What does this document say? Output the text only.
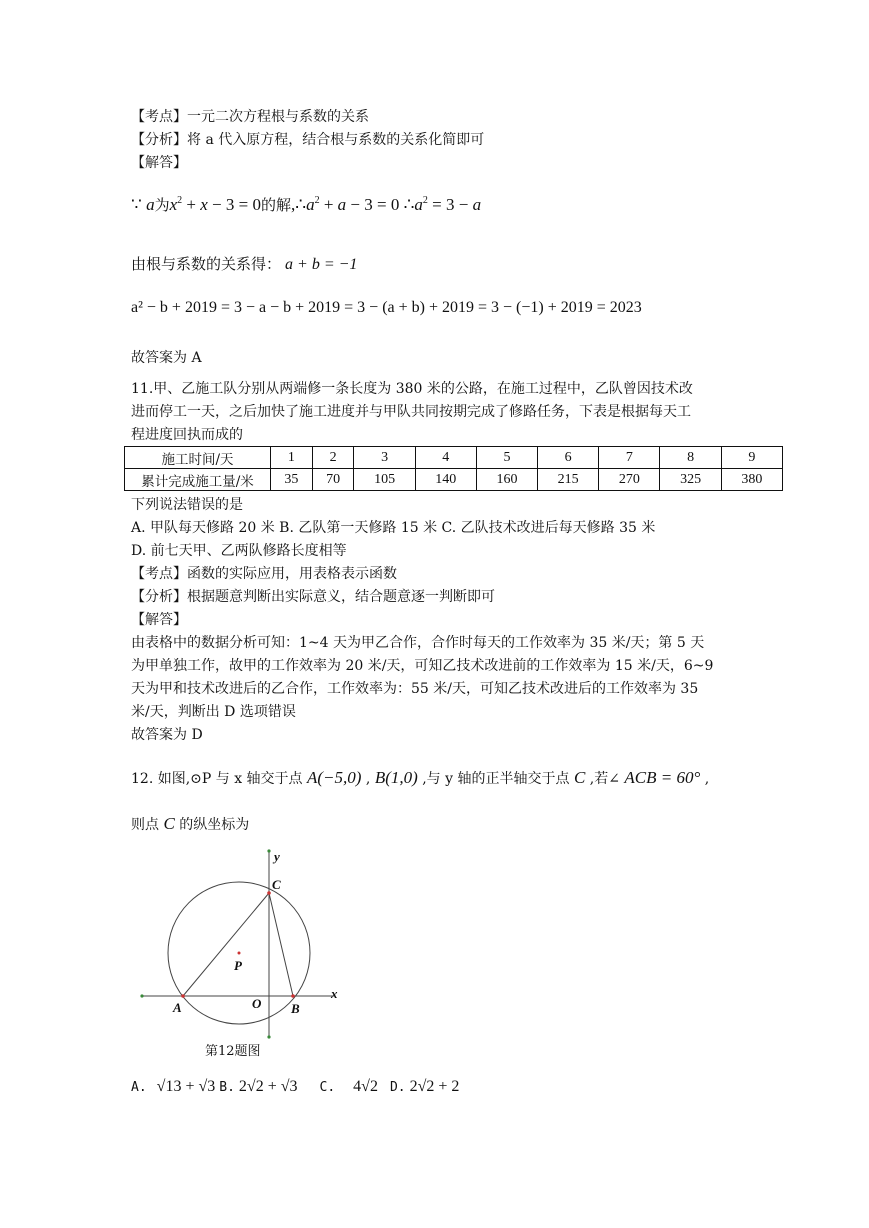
【考点】一元二次方程根与系数的关系
【分析】将 a 代入原方程，结合根与系数的关系化简即可
【解答】
∵ a为$x^2 + x - 3 = 0$的解$,\therefore a^2 + a - 3 = 0$ $\therefore a^2 = 3 - a$
由根与系数的关系得： a + b = −1
a² − b + 2019 = 3 − a − b + 2019 = 3 − (a + b) + 2019 = 3 − (−1) + 2019 = 2023
故答案为 A
11.甲、乙施工队分别从两端修一条长度为 380 米的公路，在施工过程中，乙队曾因技术改
进而停工一天，之后加快了施工进度并与甲队共同按期完成了修路任务，下表是根据每天工
程进度回执而成的
施工时间/天	1	2	3	4	5	6	7	8	9
累计完成施工量/米	35	70	105	140	160	215	270	325	380
下列说法错误的是
A. 甲队每天修路 20 米 B. 乙队第一天修路 15 米 C. 乙队技术改进后每天修路 35 米
D. 前七天甲、乙两队修路长度相等
【考点】函数的实际应用，用表格表示函数
【分析】根据题意判断出实际意义，结合题意逐一判断即可
【解答】
由表格中的数据分析可知：1~4 天为甲乙合作，合作时每天的工作效率为 35 米/天；第 5 天
为甲单独工作，故甲的工作效率为 20 米/天，可知乙技术改进前的工作效率为 15 米/天，6~9
天为甲和技术改进后的乙合作，工作效率为：55 米/天，可知乙技术改进后的工作效率为 35
米/天，判断出 D 选项错误
故答案为 D
12. 如图,⊙P 与 x 轴交于点 A(−5,0) , B(1,0) ,与 y 轴的正半轴交于点 C ,若∠ ACB = 60° ,
则点 C 的纵坐标为
y
x
C
P
A	O B
第12题图
A. √13 + √3 B. 2√2 + √3 C. 4√2 D. 2√2 + 2
